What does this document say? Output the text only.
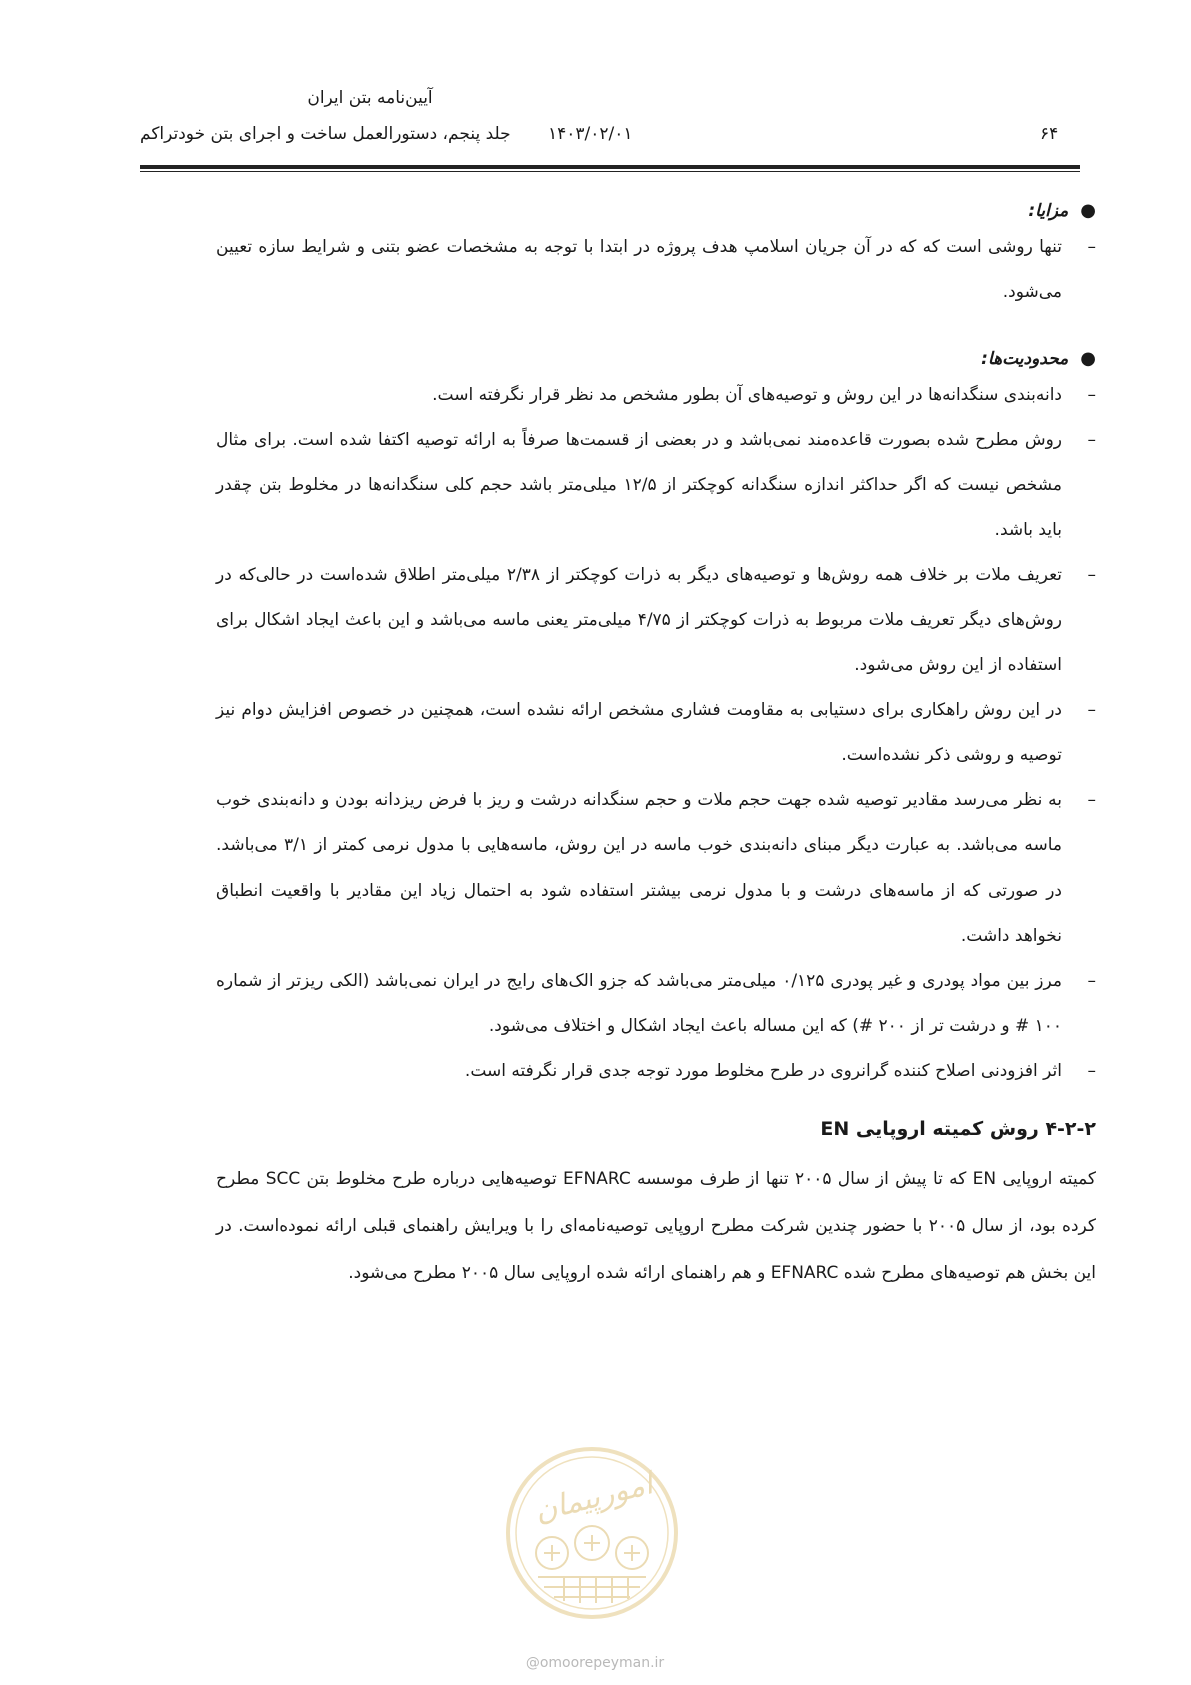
آیین‌نامه بتن ایران
جلد پنجم، دستورالعمل ساخت و اجرای بتن خودتراکم	۱۴۰۳/۰۲/۰۱	۶۴

●
مزایا:

–
تنها روشی است که که در آن جریان اسلامپ هدف پروژه در ابتدا با توجه به مشخصات عضو بتنی و شرایط سازه تعیین می‌شود.

●
محدودیت‌ها:

–
دانه‌بندی سنگدانه‌ها در این روش و توصیه‌های آن بطور مشخص مد نظر قرار نگرفته است.

–
روش مطرح شده بصورت قاعده‌مند نمی‌باشد و در بعضی از قسمت‌ها صرفاً به ارائه توصیه اکتفا شده است. برای مثال مشخص نیست که اگر حداکثر اندازه سنگدانه کوچکتر از ۱۲/۵ میلی‌متر باشد حجم کلی سنگدانه‌ها در مخلوط بتن چقدر باید باشد.

–
تعریف ملات بر خلاف همه روش‌ها و توصیه‌های دیگر به ذرات کوچکتر از ۲/۳۸ میلی‌متر اطلاق شده‌است در حالی‌که در روش‌های دیگر تعریف ملات مربوط به ذرات کوچکتر از ۴/۷۵ میلی‌متر یعنی ماسه می‌باشد و این باعث ایجاد اشکال برای استفاده از این روش می‌شود.

–
در این روش راهکاری برای دستیابی به مقاومت فشاری مشخص ارائه نشده است، همچنین در خصوص افزایش دوام نیز توصیه و روشی ذکر نشده‌است.

–
به نظر می‌رسد مقادیر توصیه شده جهت حجم ملات و حجم سنگدانه درشت و ریز با فرض ریزدانه بودن و دانه‌بندی خوب ماسه می‌باشد. به عبارت دیگر مبنای دانه‌بندی خوب ماسه در این روش، ماسه‌هایی با مدول نرمی کمتر از ۳/۱ می‌باشد. در صورتی که از ماسه‌های درشت و با مدول نرمی بیشتر استفاده شود به احتمال زیاد این مقادیر با واقعیت انطباق نخواهد داشت.

–
مرز بین مواد پودری و غیر پودری ۰/۱۲۵ میلی‌متر می‌باشد که جزو الک‌های رایج در ایران نمی‌باشد (الکی ریزتر از شماره ۱۰۰ # و درشت تر از ۲۰۰ #) که این مساله باعث ایجاد اشکال و اختلاف می‌شود.

–
اثر افزودنی اصلاح کننده گرانروی در طرح مخلوط مورد توجه جدی قرار نگرفته است.

۴-۲-۲ روش کمیته اروپایی EN

کمیته اروپایی EN که تا پیش از سال ۲۰۰۵ تنها از طرف موسسه EFNARC توصیه‌هایی درباره طرح مخلوط بتن SCC مطرح کرده بود، از سال ۲۰۰۵ با حضور چندین شرکت مطرح اروپایی توصیه‌نامه‌ای را با ویرایش راهنمای قبلی ارائه نموده‌است. در این بخش هم توصیه‌های مطرح شده EFNARC و هم راهنمای ارائه شده اروپایی سال ۲۰۰۵ مطرح می‌شود.

امورپیمان
@omoorepeyman.ir
